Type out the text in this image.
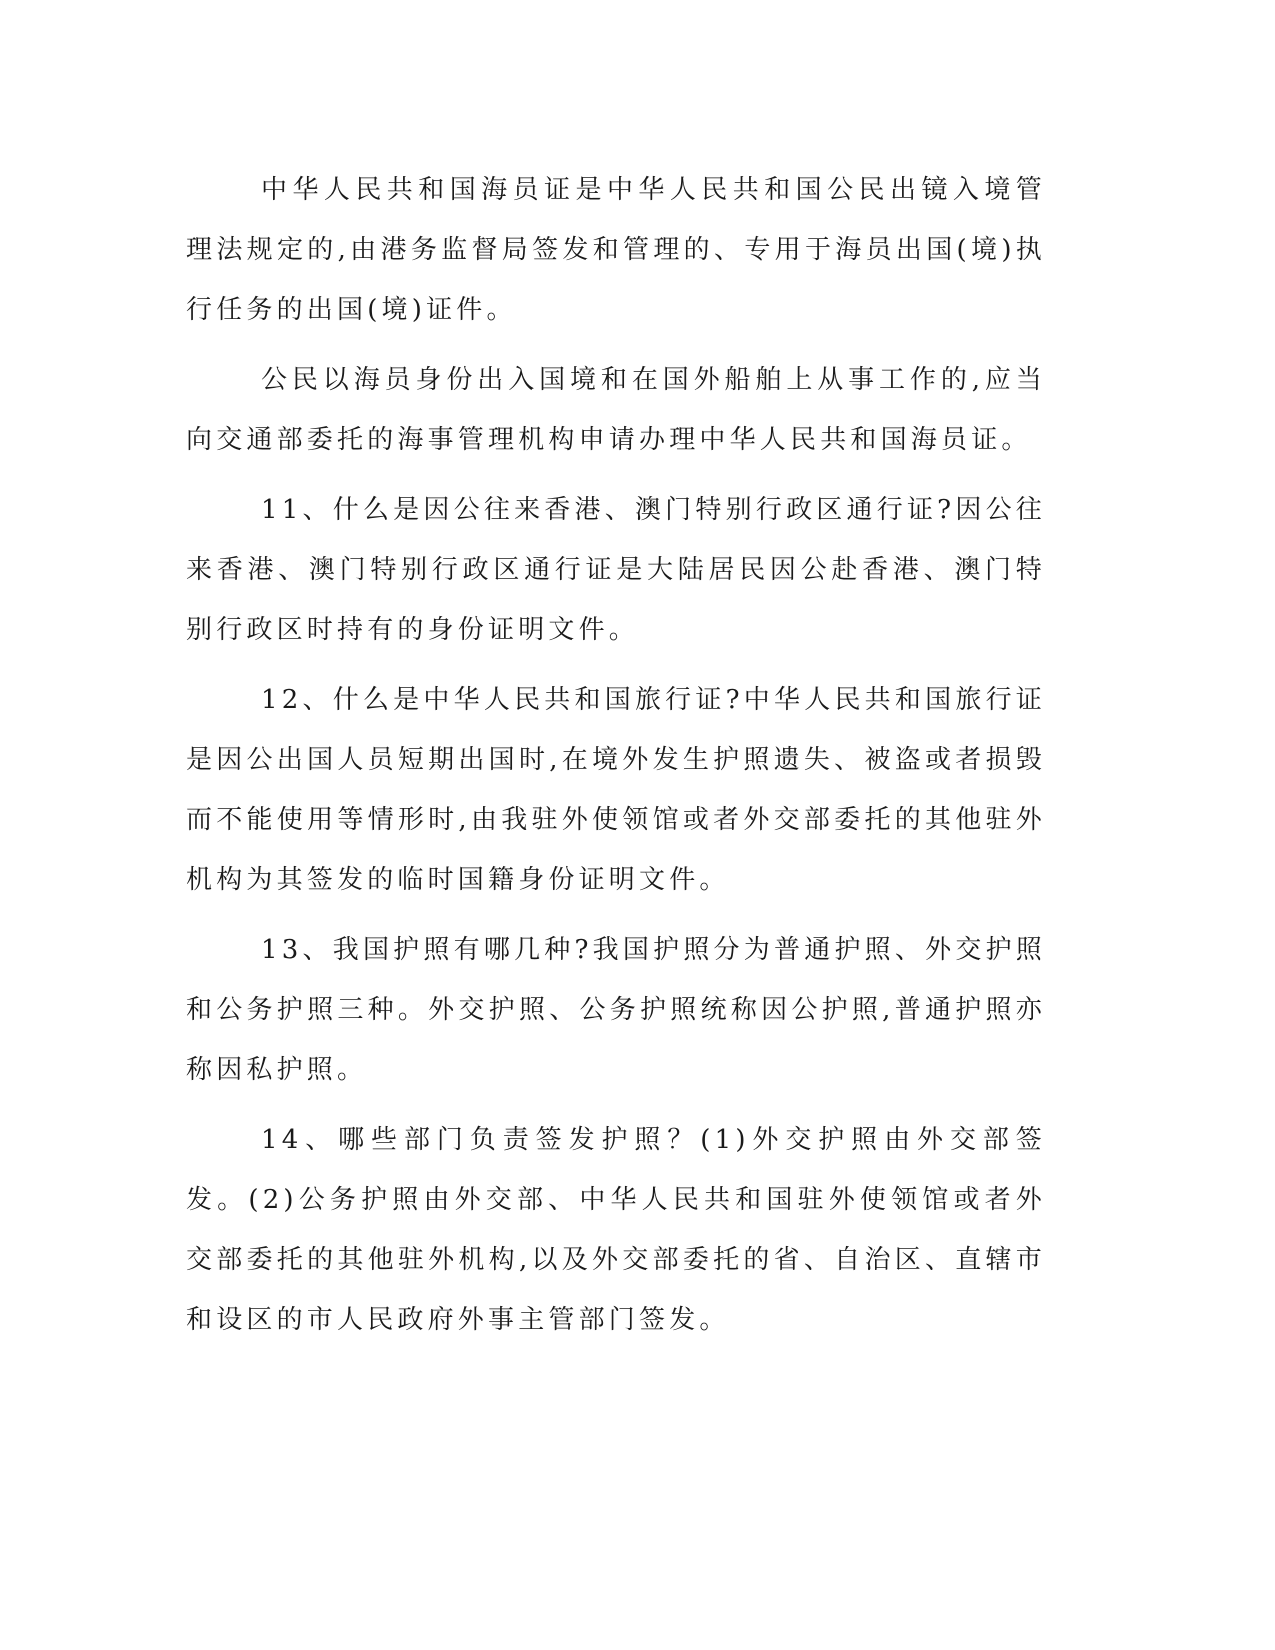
中华人民共和国海员证是中华人民共和国公民出镜入境管理法规定的,由港务监督局签发和管理的、专用于海员出国(境)执行任务的出国(境)证件。

公民以海员身份出入国境和在国外船舶上从事工作的,应当向交通部委托的海事管理机构申请办理中华人民共和国海员证。

11、什么是因公往来香港、澳门特别行政区通行证?因公往来香港、澳门特别行政区通行证是大陆居民因公赴香港、澳门特别行政区时持有的身份证明文件。

12、什么是中华人民共和国旅行证?中华人民共和国旅行证是因公出国人员短期出国时,在境外发生护照遗失、被盗或者损毁而不能使用等情形时,由我驻外使领馆或者外交部委托的其他驻外机构为其签发的临时国籍身份证明文件。

13、我国护照有哪几种?我国护照分为普通护照、外交护照和公务护照三种。外交护照、公务护照统称因公护照,普通护照亦称因私护照。

14、哪些部门负责签发护照？(1)外交护照由外交部签发。(2)公务护照由外交部、中华人民共和国驻外使领馆或者外交部委托的其他驻外机构,以及外交部委托的省、自治区、直辖市和设区的市人民政府外事主管部门签发。
